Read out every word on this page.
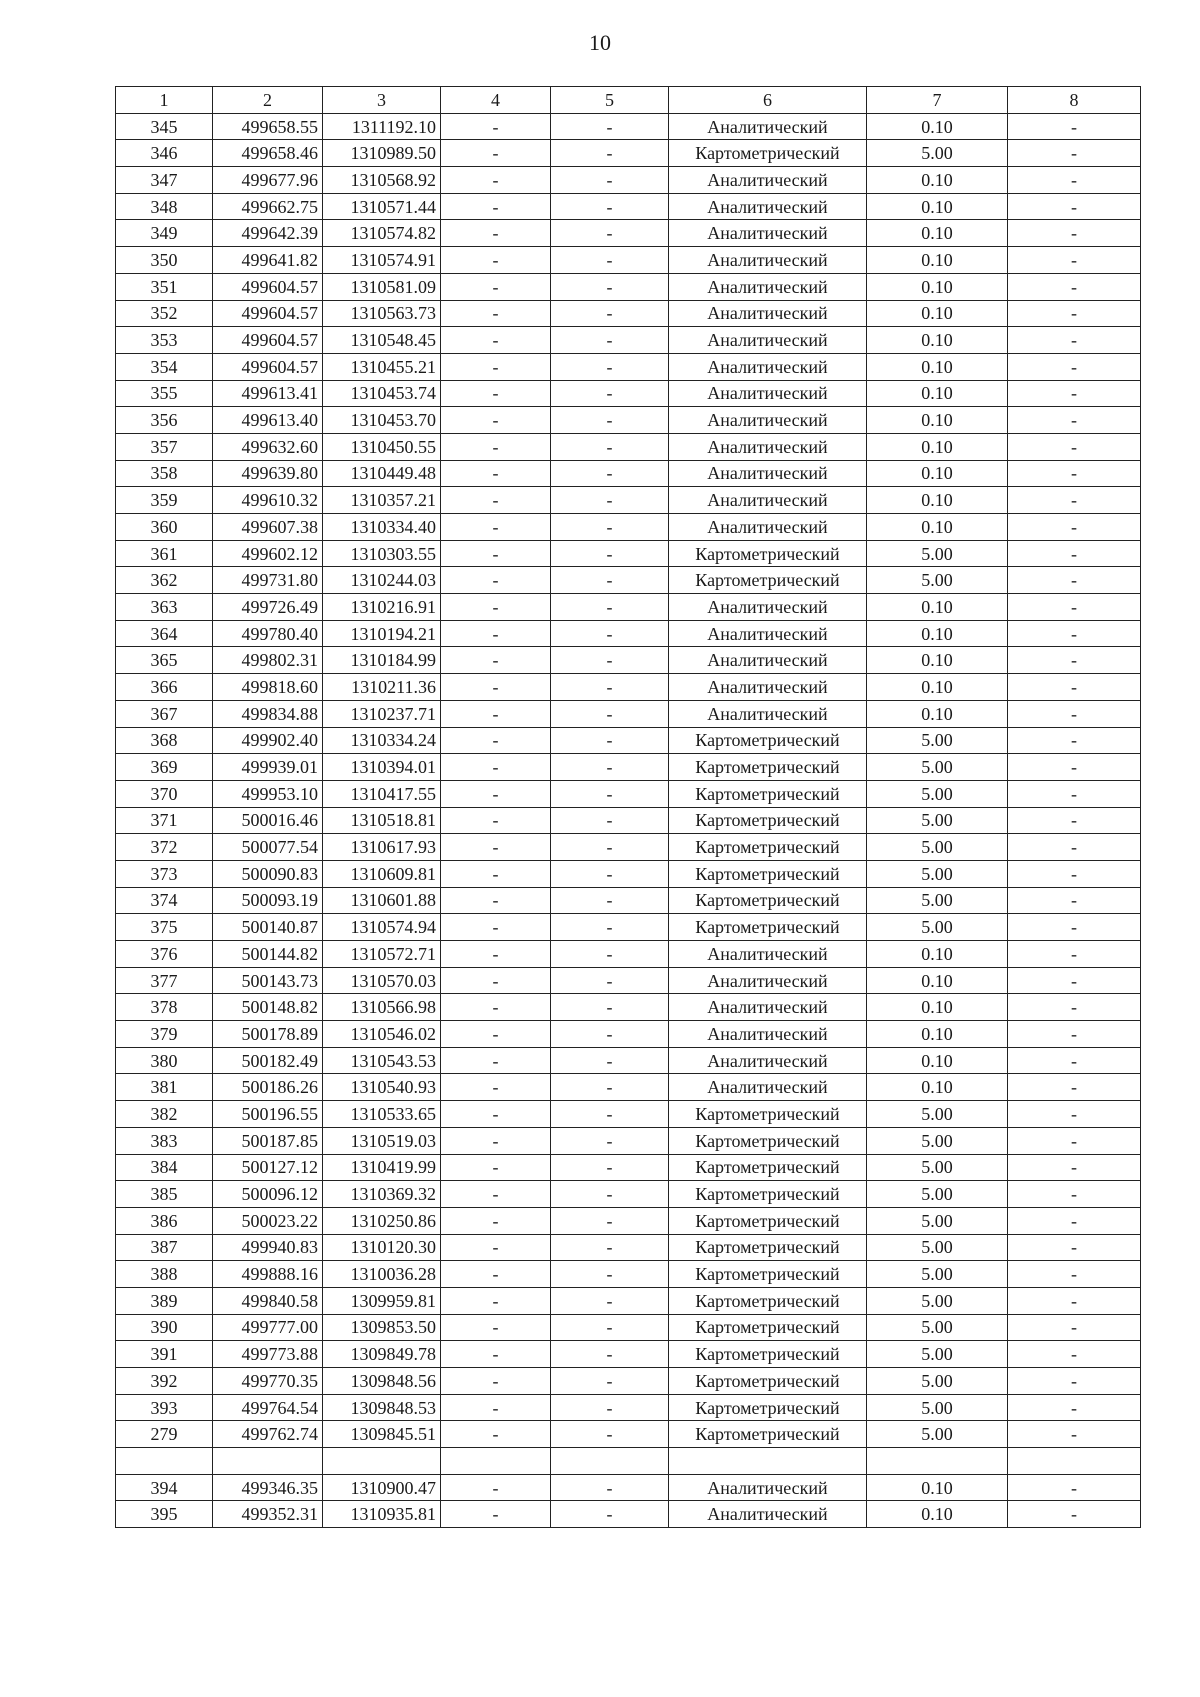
10
1	2	3	4	5	6	7	8
345	499658.55	1311192.10	-	-	Аналитический	0.10	-
346	499658.46	1310989.50	-	-	Картометрический	5.00	-
347	499677.96	1310568.92	-	-	Аналитический	0.10	-
348	499662.75	1310571.44	-	-	Аналитический	0.10	-
349	499642.39	1310574.82	-	-	Аналитический	0.10	-
350	499641.82	1310574.91	-	-	Аналитический	0.10	-
351	499604.57	1310581.09	-	-	Аналитический	0.10	-
352	499604.57	1310563.73	-	-	Аналитический	0.10	-
353	499604.57	1310548.45	-	-	Аналитический	0.10	-
354	499604.57	1310455.21	-	-	Аналитический	0.10	-
355	499613.41	1310453.74	-	-	Аналитический	0.10	-
356	499613.40	1310453.70	-	-	Аналитический	0.10	-
357	499632.60	1310450.55	-	-	Аналитический	0.10	-
358	499639.80	1310449.48	-	-	Аналитический	0.10	-
359	499610.32	1310357.21	-	-	Аналитический	0.10	-
360	499607.38	1310334.40	-	-	Аналитический	0.10	-
361	499602.12	1310303.55	-	-	Картометрический	5.00	-
362	499731.80	1310244.03	-	-	Картометрический	5.00	-
363	499726.49	1310216.91	-	-	Аналитический	0.10	-
364	499780.40	1310194.21	-	-	Аналитический	0.10	-
365	499802.31	1310184.99	-	-	Аналитический	0.10	-
366	499818.60	1310211.36	-	-	Аналитический	0.10	-
367	499834.88	1310237.71	-	-	Аналитический	0.10	-
368	499902.40	1310334.24	-	-	Картометрический	5.00	-
369	499939.01	1310394.01	-	-	Картометрический	5.00	-
370	499953.10	1310417.55	-	-	Картометрический	5.00	-
371	500016.46	1310518.81	-	-	Картометрический	5.00	-
372	500077.54	1310617.93	-	-	Картометрический	5.00	-
373	500090.83	1310609.81	-	-	Картометрический	5.00	-
374	500093.19	1310601.88	-	-	Картометрический	5.00	-
375	500140.87	1310574.94	-	-	Картометрический	5.00	-
376	500144.82	1310572.71	-	-	Аналитический	0.10	-
377	500143.73	1310570.03	-	-	Аналитический	0.10	-
378	500148.82	1310566.98	-	-	Аналитический	0.10	-
379	500178.89	1310546.02	-	-	Аналитический	0.10	-
380	500182.49	1310543.53	-	-	Аналитический	0.10	-
381	500186.26	1310540.93	-	-	Аналитический	0.10	-
382	500196.55	1310533.65	-	-	Картометрический	5.00	-
383	500187.85	1310519.03	-	-	Картометрический	5.00	-
384	500127.12	1310419.99	-	-	Картометрический	5.00	-
385	500096.12	1310369.32	-	-	Картометрический	5.00	-
386	500023.22	1310250.86	-	-	Картометрический	5.00	-
387	499940.83	1310120.30	-	-	Картометрический	5.00	-
388	499888.16	1310036.28	-	-	Картометрический	5.00	-
389	499840.58	1309959.81	-	-	Картометрический	5.00	-
390	499777.00	1309853.50	-	-	Картометрический	5.00	-
391	499773.88	1309849.78	-	-	Картометрический	5.00	-
392	499770.35	1309848.56	-	-	Картометрический	5.00	-
393	499764.54	1309848.53	-	-	Картометрический	5.00	-
279	499762.74	1309845.51	-	-	Картометрический	5.00	-

394	499346.35	1310900.47	-	-	Аналитический	0.10	-
395	499352.31	1310935.81	-	-	Аналитический	0.10	-
